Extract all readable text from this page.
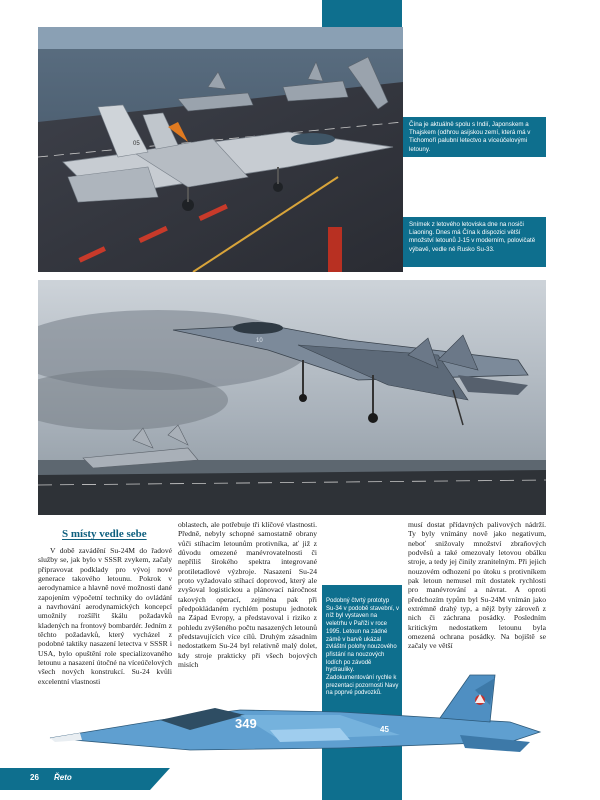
05
Čína je aktuálně spolu s Indií, Japonskem a Thajskem (odhrou asijskou zemí, která má v Tichomoří palubní letectvo a víceúčelovými letouny.
Snímek z letového letoviska dne na nosiči Liaoning. Dnes má Čína k dispozici větší množství letounů J-15 v moderním, polovičatě výbavě, vedle ně Rusko Su-33.
10
S místy vedle sebe

V době zavádění Su-24M do řadové služby se, jak bylo v SSSR zvykem, začaly připravovat podklady pro vývoj nové generace takového letounu. Pokrok v aerodynamice a hlavně nové možnosti dané zapojením výpočetní techniky do ovládání a navrhování aerodynamických koncepcí umožnily rozšířit škálu požadavků kladených na frontový bombardér. Jedním z těchto požadavků, který vycházel z podobné taktiky nasazení letectva v SSSR i USA, bylo opuštění role specializovaného letounu a nasazení útočné na víceúčelových všech nových konstrukcí. Su-24 kvůli excelentní vlastnosti

oblastech, ale potřebuje tři klíčové vlastnosti. Předně, nebyly schopné samostatně obrany vůči stíhacím letounům protivníka, ať již z důvodu omezené manévrovatelnosti či nepříliš širokého spektra integrované protiletadlové výzbroje. Nasazení Su-24 proto vyžadovalo stíhací doprovod, který ale zvyšoval logistickou a plánovací náročnost takových operací, zejména pak při předpokládaném rychlém postupu jednotek na Západ Evropy, a představoval i riziko z pohledu zvýšeného počtu nasazených letounů představujících více cílů. Druhým zásadním nedostatkem Su-24 byl relativně malý dolet, kdy stroje prakticky při všech bojových misích

musí dostat přídavných palivových nádrží. Ty byly vnímány nově jako negativum, neboť snižovaly množství zbraňových podvěsů a také omezovaly letovou obálku stroje, a tedy jej činily zranitelným. Při jejich nouzovém odhození po útoku s protivníkem pak letoun nemusel mít dostatek rychlosti pro manévrování a návrat. A oproti předchozím typům byl Su-24M vnímán jako extrémně drahý typ, a nějž byly zároveň z nich či záchrana posádky. Posledním kritickým nedostatkem letounu byla omezená ochrana posádky. Na bojiště se začaly ve větší

Podobný čtvrtý prototyp Su-34 v podobě stavební, v níž byl vystaven na veletrhu v Paříži v roce 1995. Letoun na zádné zámě v barvě ukázal zvláštní polohy nouzového přistání na nouzových lodích po závodě hydrauliky. Zadokumentování rychle k prezentaci pozornosti Navy na poprvé podvozků.
349	45
26 Řeto
